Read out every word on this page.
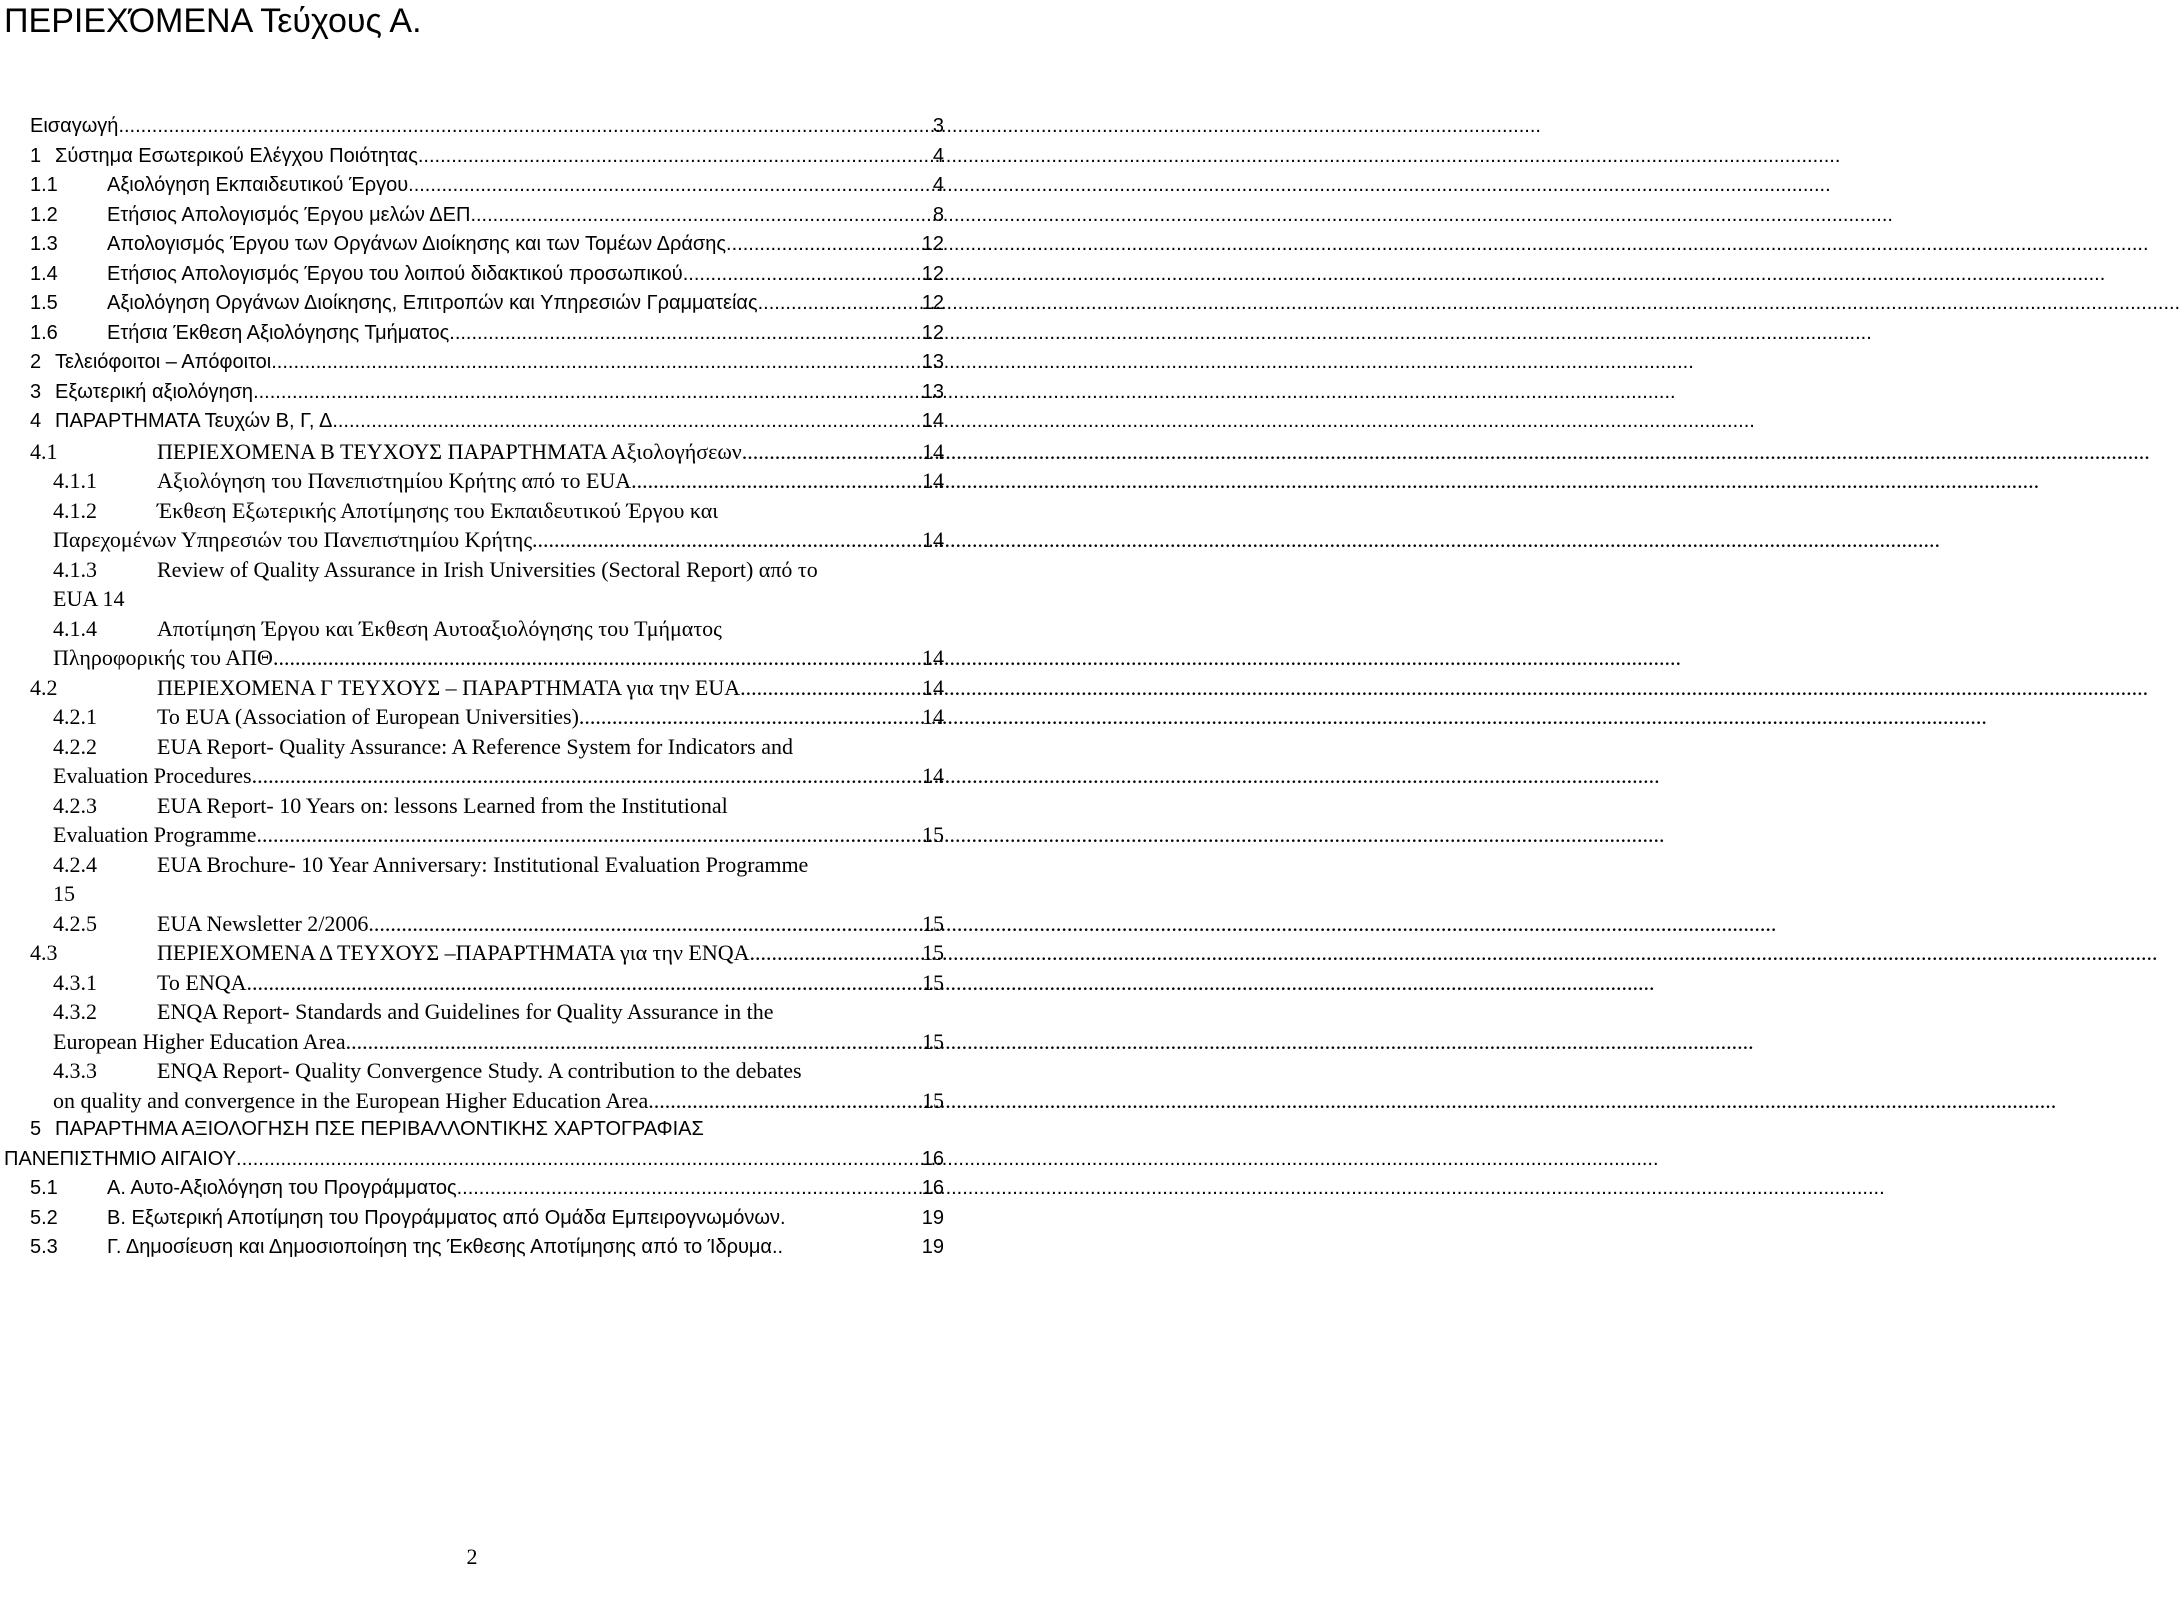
ΠΕΡΙΕΧΌΜΕΝΑ Τεύχους Α.
Εισαγωγή .....	3
1 Σύστημα Εσωτερικού Ελέγχου Ποιότητας .....	4
1.1 Αξιολόγηση Εκπαιδευτικού Έργου .....	4
1.2 Ετήσιος Απολογισμός Έργου μελών ΔΕΠ .....	8
1.3 Απολογισμός Έργου των Οργάνων Διοίκησης και των Τομέων Δράσης .....	12
1.4 Ετήσιος Απολογισμός Έργου του λοιπού διδακτικού προσωπικού .....	12
1.5 Αξιολόγηση Οργάνων Διοίκησης, Επιτροπών και Υπηρεσιών Γραμματείας .....	12
1.6 Ετήσια Έκθεση Αξιολόγησης Τμήματος .....	12
2 Τελειόφοιτοι – Απόφοιτοι .....	13
3 Εξωτερική αξιολόγηση .....	13
4 ΠΑΡΑΡΤΗΜΑΤΑ Τευχών Β, Γ, Δ .....	14
4.1	ΠΕΡΙΕΧΟΜΕΝΑ Β ΤΕΥΧΟΥΣ ΠΑΡΑΡΤΗΜΑΤΑ Αξιολογήσεων .....	14
4.1.1	Αξιολόγηση του Πανεπιστημίου Κρήτης από το EUA .....	14
4.1.2	Έκθεση Εξωτερικής Αποτίμησης του Εκπαιδευτικού Έργου και
Παρεχομένων Υπηρεσιών του Πανεπιστημίου Κρήτης .....	14
4.1.3	Review of Quality Assurance in Irish Universities (Sectoral Report) από το
EUA 14
4.1.4	Αποτίμηση Έργου και Έκθεση Αυτοαξιολόγησης του Τμήματος
Πληροφορικής του ΑΠΘ .....	14
4.2	ΠΕΡΙΕΧΟΜΕΝΑ Γ ΤΕΥΧΟΥΣ – ΠΑΡΑΡΤΗΜΑΤΑ για την EUA .....	14
4.2.1	Το EUA (Association of European Universities) .....	14
4.2.2	EUA Report- Quality Assurance: A Reference System for Indicators and
Evaluation Procedures .....	14
4.2.3	EUA Report- 10 Years on: lessons Learned from the Institutional
Evaluation Programme .....	15
4.2.4	EUA Brochure- 10 Year Anniversary: Institutional Evaluation Programme
15
4.2.5	EUA Newsletter 2/2006 .....	15
4.3	ΠΕΡΙΕΧΟΜΕΝΑ Δ ΤΕΥΧΟΥΣ –ΠΑΡΑΡΤΗΜΑΤΑ για την ENQA .....	15
4.3.1	Το ENQA .....	15
4.3.2	ENQA Report- Standards and Guidelines for Quality Assurance in the
European Higher Education Area .....	15
4.3.3	ENQA Report- Quality Convergence Study. A contribution to the debates
on quality and convergence in the European Higher Education Area .....	15
5 ΠΑΡΑΡΤΗΜΑ ΑΞΙΟΛΟΓΗΣΗ ΠΣΕ ΠΕΡΙΒΑΛΛΟΝΤΙΚΗΣ ΧΑΡΤΟΓΡΑΦΙΑΣ
ΠΑΝΕΠΙΣΤΗΜΙΟ ΑΙΓΑΙΟΥ .....	16
5.1 Α. Αυτο-Αξιολόγηση του Προγράμματος. .....	16
5.2 Β. Εξωτερική Αποτίμηση του Προγράμματος από Ομάδα Εμπειρογνωμόνων.	19
5.3 Γ. Δημοσίευση και Δημοσιοποίηση της Έκθεσης Αποτίμησης από το Ίδρυμα..	19
2
